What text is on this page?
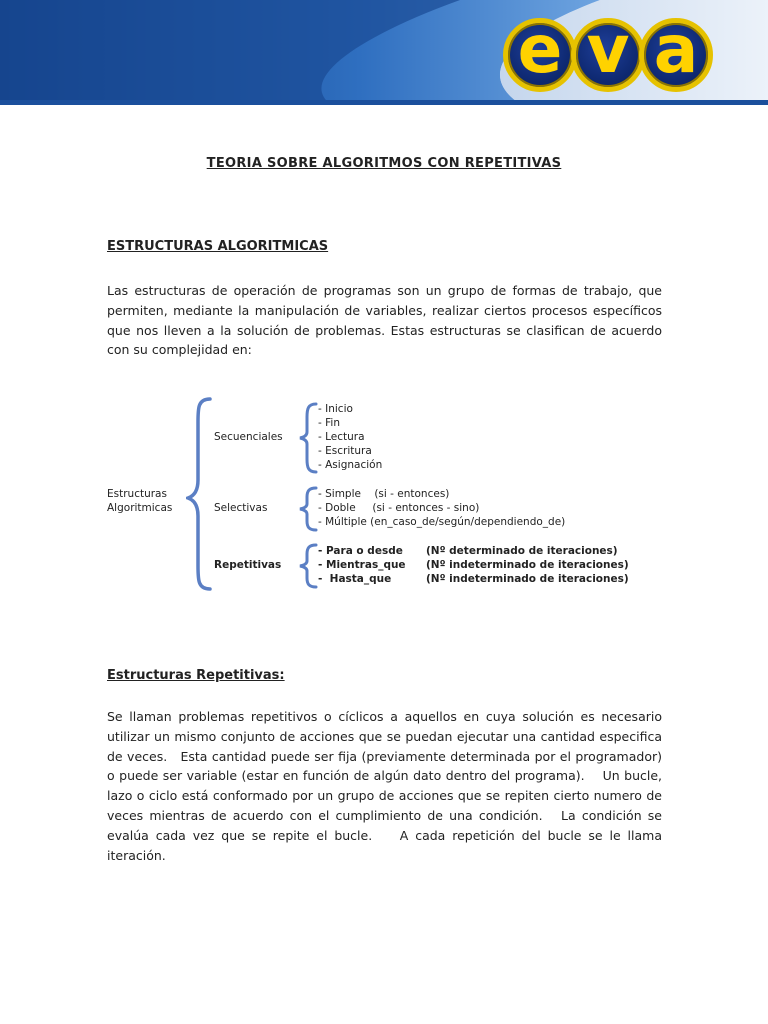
e v a
TEORIA SOBRE ALGORITMOS CON REPETITIVAS
ESTRUCTURAS ALGORITMICAS

Las estructuras de operación de programas son un grupo de formas de trabajo, que permiten, mediante la manipulación de variables, realizar ciertos procesos específicos que nos lleven a la solución de problemas. Estas estructuras se clasifican de acuerdo con su complejidad en:

Estructuras
Algoritmicas
Secuenciales
Selectivas
Repetitivas
- Inicio
- Fin
- Lectura
- Escritura
- Asignación
- Simple    (si - entonces)
- Doble     (si - entonces - sino)
- Múltiple (en_caso_de/según/dependiendo_de)
- Para o desde (Nº determinado de iteraciones)
- Mientras_que (Nº indeterminado de iteraciones)
-  Hasta_que	(Nº indeterminado de iteraciones)
Estructuras Repetitivas:

Se llaman problemas repetitivos o cíclicos a aquellos en cuya solución es necesario utilizar un mismo conjunto de acciones que se puedan ejecutar una cantidad especifica de veces.   Esta cantidad puede ser fija (previamente determinada por el programador) o puede ser variable (estar en función de algún dato dentro del programa).    Un bucle, lazo o ciclo está conformado por un grupo de acciones que se repiten cierto numero de veces mientras de acuerdo con el cumplimiento de una condición.   La condición se evalúa cada vez que se repite el bucle.    A cada repetición del bucle se le llama iteración.
